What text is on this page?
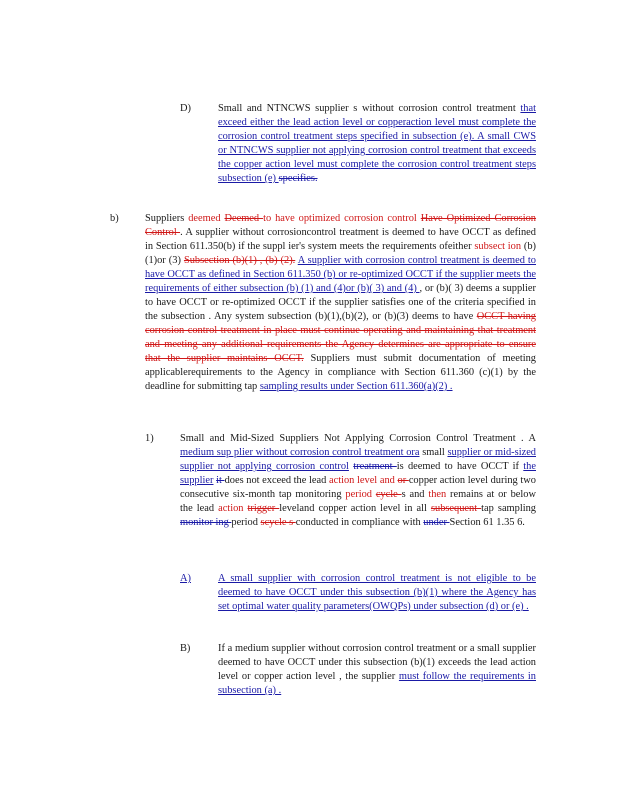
D)	Small and NTNCWS supplier s without corrosion control treatment that exceed either the lead action level or copperaction level must complete the corrosion control treatment steps specified in subsection (e). A small CWS or NTNCWS supplier not applying corrosion control treatment that exceeds the copper action level must complete the corrosion control treatment steps subsection (e) specifies.
b)	Suppliers deemed Deemed to have optimized corrosion control Have Optimized Corrosion Control . A supplier without corrosioncontrol treatment is deemed to have OCCT as defined in Section 611.350(b) if the suppl ier's system meets the requirements ofeither subsect ion (b)(1)or (3) Subsection (b)(1) , (b) (2). A supplier with corrosion control treatment is deemed to have OCCT as defined in Section 611.350 (b) or re-optimized OCCT if the supplier meets the requirements of either subsection (b) (1) and (4)or (b)( 3) and (4) , or (b)( 3) deems a supplier to have OCCT or re-optimized OCCT if the supplier satisfies one of the criteria specified in the subsection . Any system subsection (b)(1),(b)(2), or (b)(3) deems to have OCCT having corrosion control treatment in place must continue operating and maintaining that treatment and meeting any additional requirements the Agency determines are appropriate to ensure that the supplier maintains OCCT. Suppliers must submit documentation of meeting applicablerequirements to the Agency in compliance with Section 611.360 (c)(1) by the deadline for submitting tap sampling results under Section 611.360(a)(2) .
1)	Small and Mid-Sized Suppliers Not Applying Corrosion Control Treatment . A medium sup plier without corrosion control treatment ora small supplier or mid-sized supplier not applying corrosion control treatment is deemed to have OCCT if the supplier it does not exceed the lead action level and or copper action level during two consecutive six-month tap monitoring period cycle s and then remains at or below the lead action trigger leveland copper action level in all subsequent tap sampling monitor ing period scycle s conducted in compliance with under Section 61 1.35 6.
A)	A small supplier with corrosion control treatment is not eligible to be deemed to have OCCT under this subsection (b)(1) where the Agency has set optimal water quality parameters(OWQPs) under subsection (d) or (e) .
B)	If a medium supplier without corrosion control treatment or a small supplier deemed to have OCCT under this subsection (b)(1) exceeds the lead action level or copper action level , the supplier must follow the requirements in subsection (a) .
